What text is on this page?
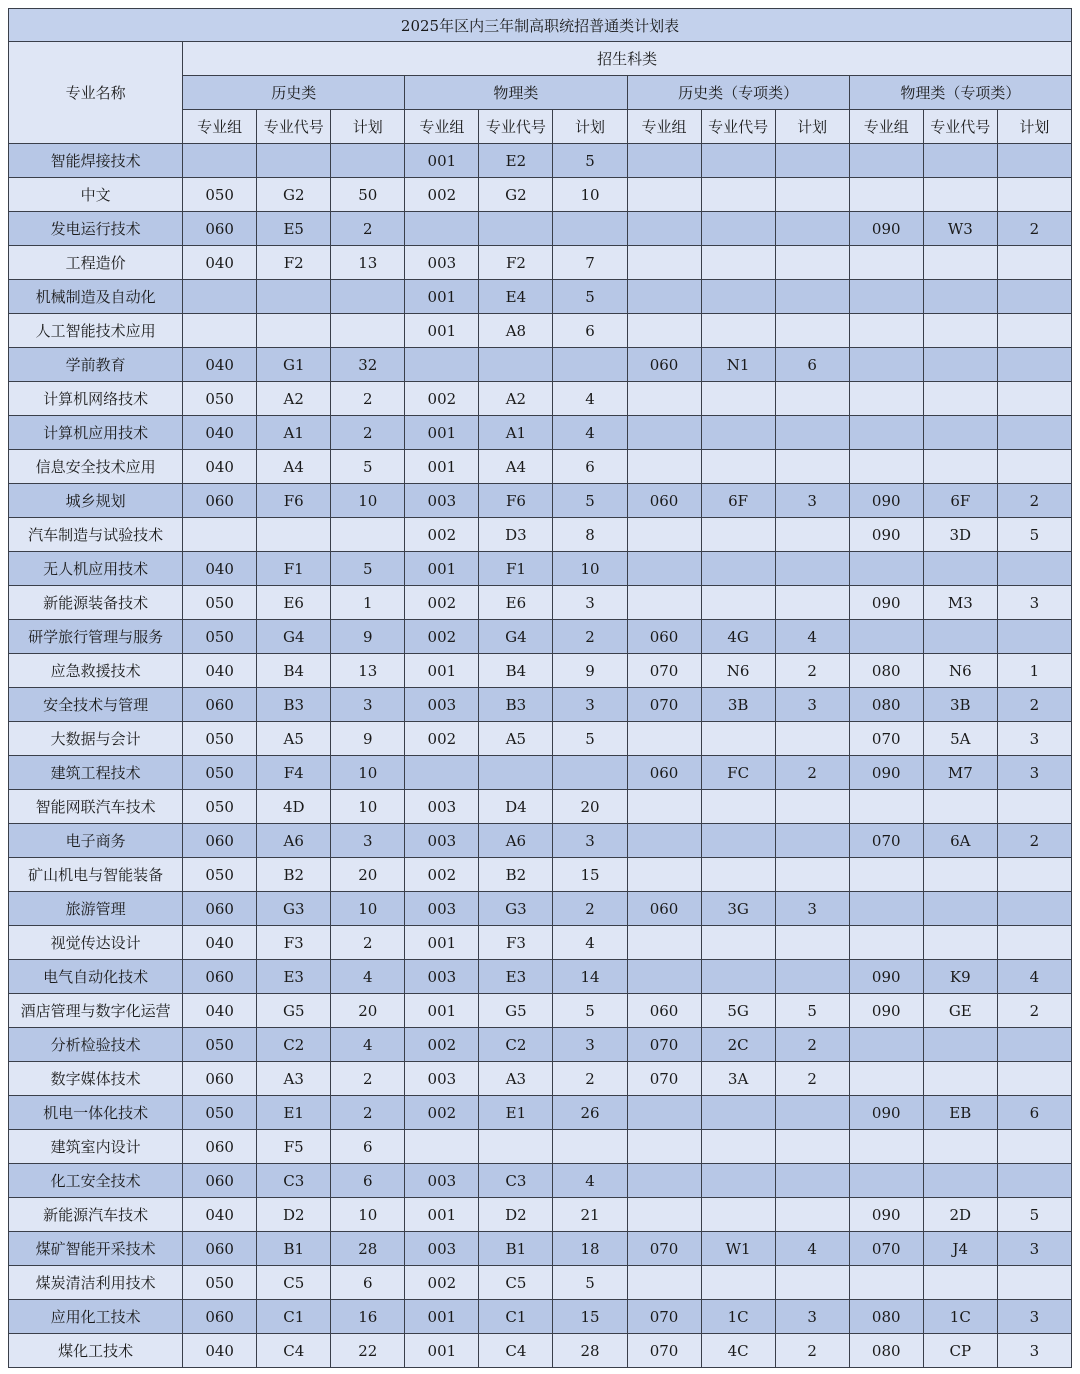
2025年区内三年制高职统招普通类计划表												
专业名称	招生科类											
	历史类			物理类			历史类（专项类）			物理类（专项类）		
	专业组	专业代号	计划	专业组	专业代号	计划	专业组	专业代号	计划	专业组	专业代号	计划
智能焊接技术				001	E2	5						
中文	050	G2	50	002	G2	10						
发电运行技术	060	E5	2							090	W3	2
工程造价	040	F2	13	003	F2	7						
机械制造及自动化				001	E4	5						
人工智能技术应用				001	A8	6						
学前教育	040	G1	32				060	N1	6			
计算机网络技术	050	A2	2	002	A2	4						
计算机应用技术	040	A1	2	001	A1	4						
信息安全技术应用	040	A4	5	001	A4	6						
城乡规划	060	F6	10	003	F6	5	060	6F	3	090	6F	2
汽车制造与试验技术				002	D3	8				090	3D	5
无人机应用技术	040	F1	5	001	F1	10						
新能源装备技术	050	E6	1	002	E6	3				090	M3	3
研学旅行管理与服务	050	G4	9	002	G4	2	060	4G	4			
应急救援技术	040	B4	13	001	B4	9	070	N6	2	080	N6	1
安全技术与管理	060	B3	3	003	B3	3	070	3B	3	080	3B	2
大数据与会计	050	A5	9	002	A5	5				070	5A	3
建筑工程技术	050	F4	10				060	FC	2	090	M7	3
智能网联汽车技术	050	4D	10	003	D4	20						
电子商务	060	A6	3	003	A6	3				070	6A	2
矿山机电与智能装备	050	B2	20	002	B2	15						
旅游管理	060	G3	10	003	G3	2	060	3G	3			
视觉传达设计	040	F3	2	001	F3	4						
电气自动化技术	060	E3	4	003	E3	14				090	K9	4
酒店管理与数字化运营	040	G5	20	001	G5	5	060	5G	5	090	GE	2
分析检验技术	050	C2	4	002	C2	3	070	2C	2			
数字媒体技术	060	A3	2	003	A3	2	070	3A	2			
机电一体化技术	050	E1	2	002	E1	26				090	EB	6
建筑室内设计	060	F5	6									
化工安全技术	060	C3	6	003	C3	4						
新能源汽车技术	040	D2	10	001	D2	21				090	2D	5
煤矿智能开采技术	060	B1	28	003	B1	18	070	W1	4	070	J4	3
煤炭清洁利用技术	050	C5	6	002	C5	5						
应用化工技术	060	C1	16	001	C1	15	070	1C	3	080	1C	3
煤化工技术	040	C4	22	001	C4	28	070	4C	2	080	CP	3
